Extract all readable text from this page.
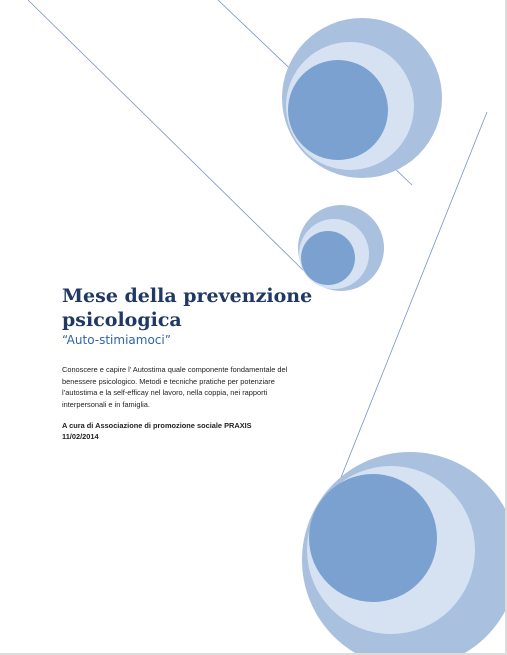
Mese della prevenzione psicologica

“Auto-stimiamoci”

Conoscere e capire l’ Autostima quale componente fondamentale del benessere psicologico. Metodi e tecniche pratiche per potenziare l’autostima e la self-efficay nel lavoro, nella coppia, nei rapporti interpersonali e in famiglia.

A cura di Associazione di promozione sociale PRAXIS
11/02/2014
